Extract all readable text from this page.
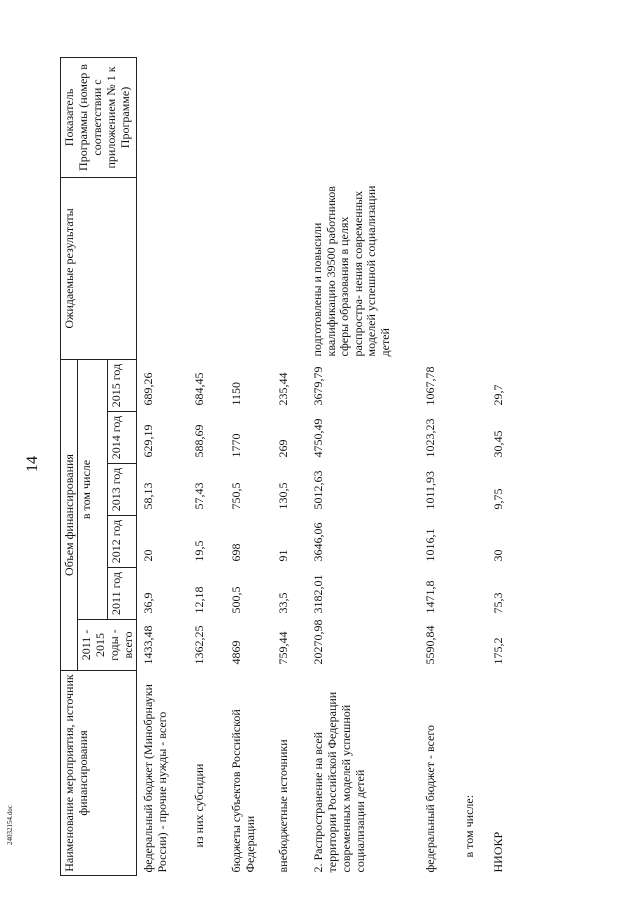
14
24032154.doc	Наименование мероприятия, источник финансирования	Объем финансирования						Ожидаемые результаты	Показатель Программы (номер в соответствии с приложением № 1 к Программе)
	2011 - 2015 годы - всего	в том числе						
		2011 год	2012 год	2013 год	2014 год	2015 год		
федеральный бюджет (Минобрнауки России) - прочие нужды - всего	1433,48	36,9	20	58,13	629,19	689,26		
из них субсидии	1362,25	12,18	19,5	57,43	588,69	684,45		
бюджеты субъектов Российской Федерации	4869	500,5	698	750,5	1770	1150		
внебюджетные источники	759,44	33,5	91	130,5	269	235,44		
2. Распространение на всей территории Российской Федерации современных моделей успешной социализации детей	20270,98	3182,01	3646,06	5012,63	4750,49	3679,79	подготовлены и повысили квалификацию 39500 работников сферы образования в целях распростра- нения современных моделей успешной социализации детей	
федеральный бюджет - всего	5590,84	1471,8	1016,1	1011,93	1023,23	1067,78		
в том числе:								
НИОКР	175,2	75,3	30	9,75	30,45	29,7		
